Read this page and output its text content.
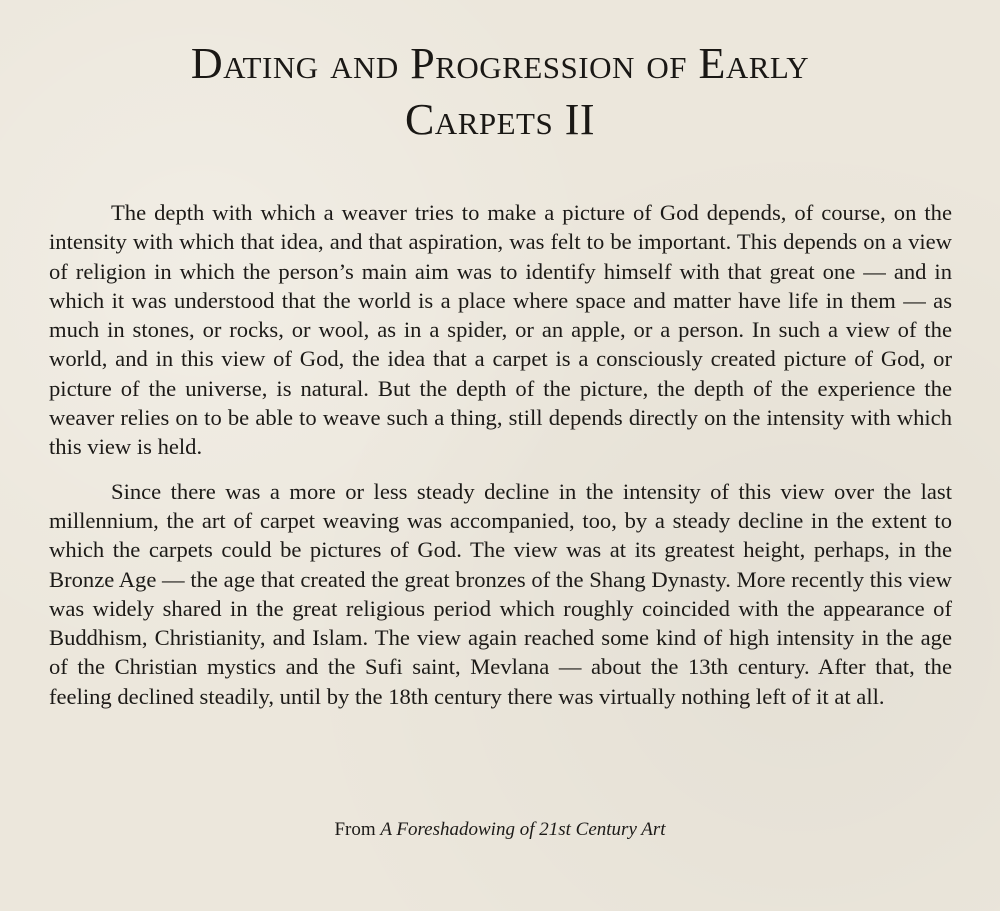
Dating and Progression of Early
Carpets II

The depth with which a weaver tries to make a picture of God depends, of course, on the intensity with which that idea, and that aspiration, was felt to be important. This depends on a view of religion in which the person’s main aim was to identify himself with that great one — and in which it was understood that the world is a place where space and matter have life in them — as much in stones, or rocks, or wool, as in a spider, or an apple, or a person. In such a view of the world, and in this view of God, the idea that a carpet is a consciously created picture of God, or picture of the universe, is natural. But the depth of the picture, the depth of the experience the weaver relies on to be able to weave such a thing, still depends directly on the intensity with which this view is held.

Since there was a more or less steady decline in the intensity of this view over the last millennium, the art of carpet weaving was accompanied, too, by a steady decline in the extent to which the carpets could be pictures of God. The view was at its greatest height, perhaps, in the Bronze Age — the age that created the great bronzes of the Shang Dynasty. More recently this view was widely shared in the great religious period which roughly coincided with the appearance of Buddhism, Christianity, and Islam. The view again reached some kind of high intensity in the age of the Christian mystics and the Sufi saint, Mevlana — about the 13th century. After that, the feeling declined steadily, until by the 18th century there was virtually nothing left of it at all.

From A Foreshadowing of 21st Century Art
